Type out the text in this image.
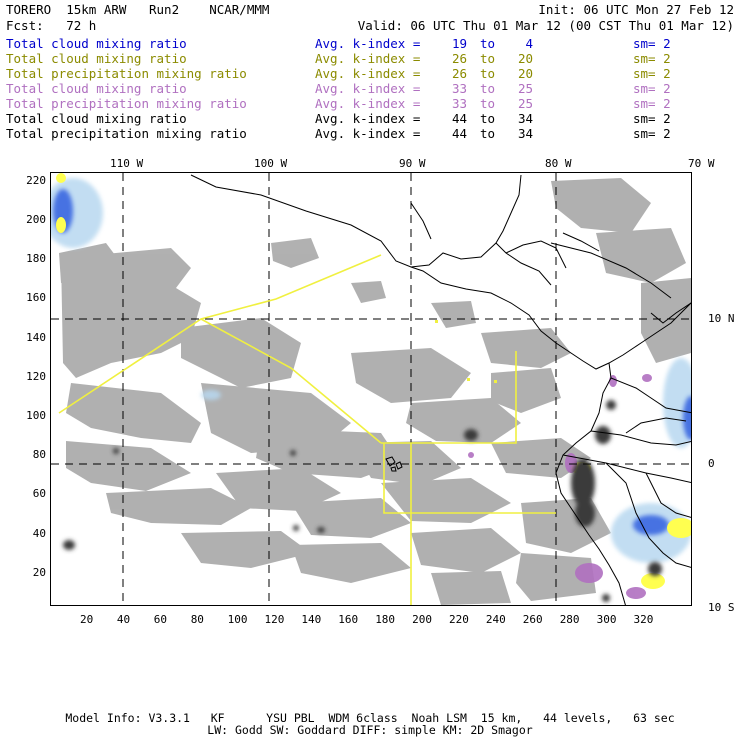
TORERO  15km ARW   Run2    NCAR/MMM	Init: 06 UTC Mon 27 Feb 12
Fcst:   72 h	Valid: 06 UTC Thu 01 Mar 12 (00 CST Thu 01 Mar 12)
Total cloud mixing ratio	Avg. k-index =	19 to	4	sm= 2
Total cloud mixing ratio	Avg. k-index =	26 to	20	sm= 2
Total precipitation mixing ratio	Avg. k-index =	26 to	20	sm= 2
Total cloud mixing ratio	Avg. k-index =	33 to	25	sm= 2
Total precipitation mixing ratio	Avg. k-index =	33 to	25	sm= 2
Total cloud mixing ratio	Avg. k-index =	44 to	34	sm= 2
Total precipitation mixing ratio	Avg. k-index =	44 to	34	sm= 2
110 W	100 W	90 W	80 W	70 W
10 N
0
10 S
220
200
180
160
140
120
100
80
60
40
20
20 40 60 80 100 120 140 160 180 200 220 240 260 280 300 320
Model Info: V3.3.1   KF      YSU PBL  WDM 6class  Noah LSM  15 km,   44 levels,   63 sec
LW: Godd SW: Goddard DIFF: simple KM: 2D Smagor
